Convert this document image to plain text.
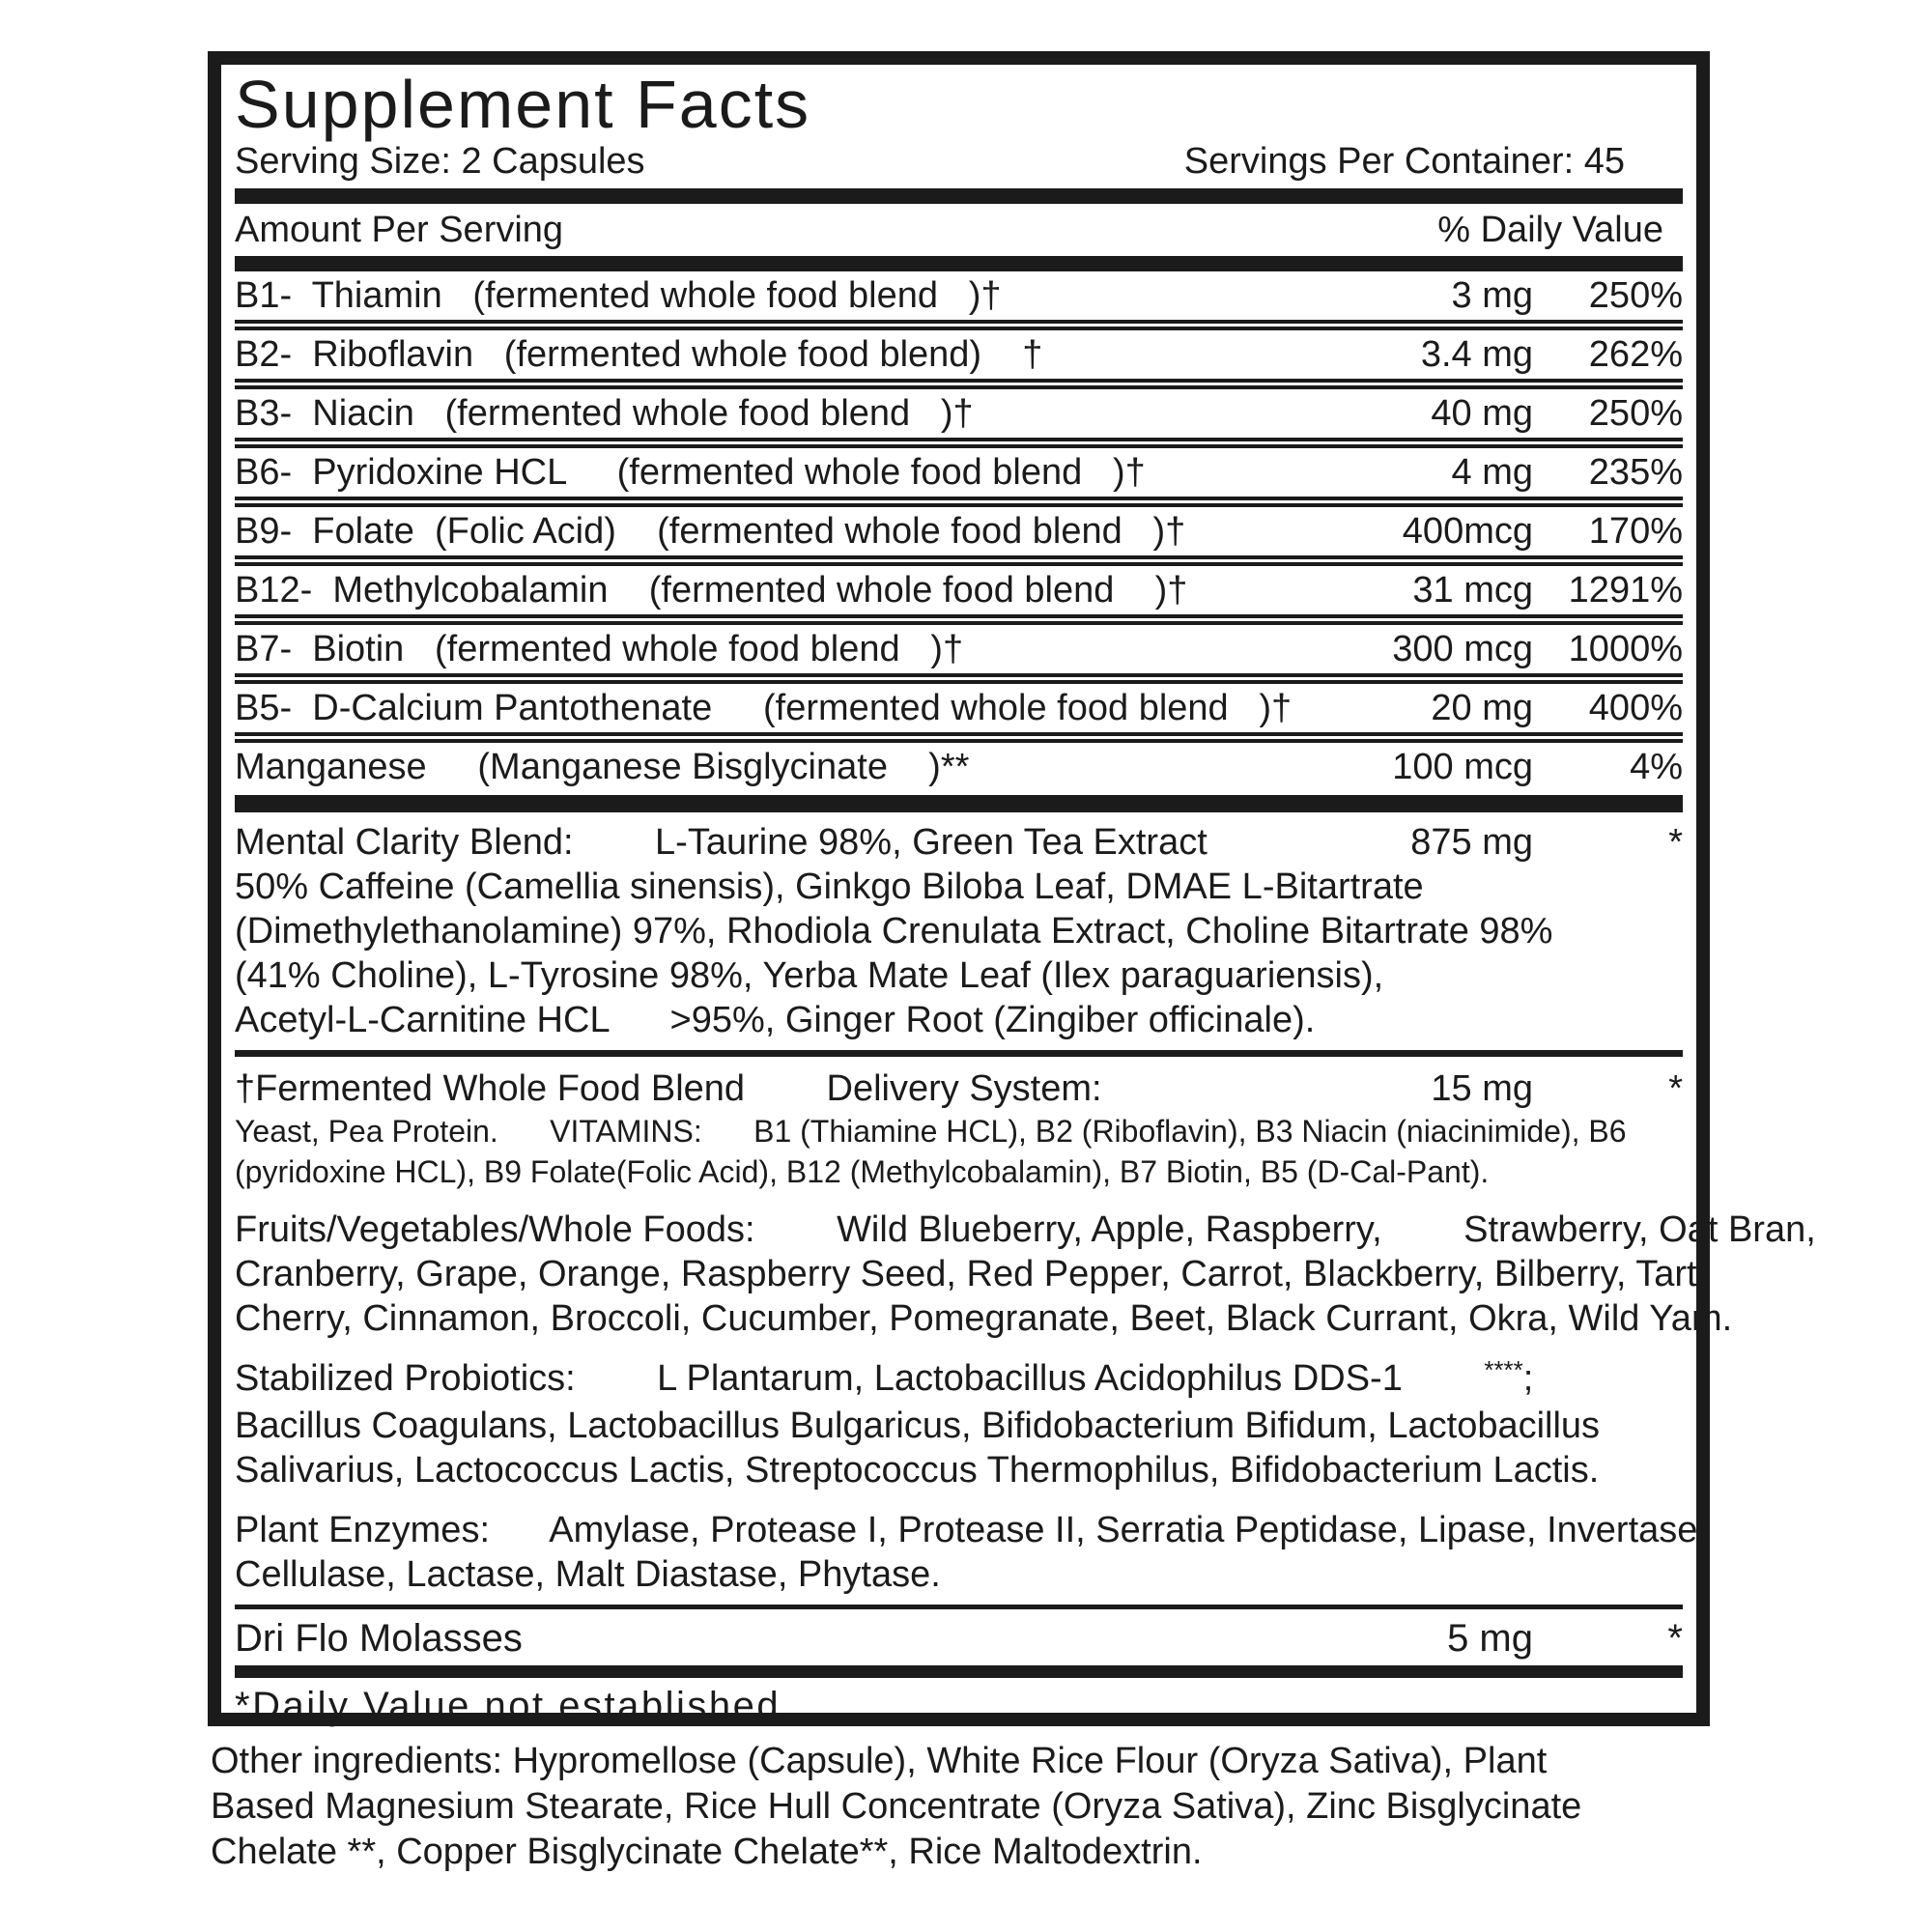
Supplement Facts
Serving Size: 2 Capsules	Servings Per Container: 45
Amount Per Serving	% Daily Value
B1-  Thiamin   (fermented whole food blend   )†	3 mg	250%
B2-  Riboflavin   (fermented whole food blend)    †	3.4 mg	262%
B3-  Niacin   (fermented whole food blend   )†	40 mg	250%
B6-  Pyridoxine HCL     (fermented whole food blend   )†	4 mg	235%
B9-  Folate  (Folic Acid)    (fermented whole food blend   )†	400mcg	170%
B12-  Methylcobalamin    (fermented whole food blend    )†	31 mcg 1291%
B7-  Biotin   (fermented whole food blend   )†	300 mcg 1000%
B5-  D-Calcium Pantothenate     (fermented whole food blend   )†	20 mg	400%
Manganese     (Manganese Bisglycinate    )**	100 mcg	4%
Mental Clarity Blend:        L-Taurine 98%, Green Tea Extract	875 mg	*
50% Caffeine (Camellia sinensis), Ginkgo Biloba Leaf, DMAE L-Bitartrate
(Dimethylethanolamine) 97%, Rhodiola Crenulata Extract, Choline Bitartrate 98%
(41% Choline), L-Tyrosine 98%, Yerba Mate Leaf (Ilex paraguariensis),
Acetyl-L-Carnitine HCL      >95%, Ginger Root (Zingiber officinale).
†Fermented Whole Food Blend        Delivery System:	15 mg	*
Yeast, Pea Protein.      VITAMINS:      B1 (Thiamine HCL), B2 (Riboflavin), B3 Niacin (niacinimide), B6
(pyridoxine HCL), B9 Folate(Folic Acid), B12 (Methylcobalamin), B7 Biotin, B5 (D-Cal-Pant).
Fruits/Vegetables/Whole Foods:        Wild Blueberry, Apple, Raspberry,        Strawberry, Oat Bran,
Cranberry, Grape, Orange, Raspberry Seed, Red Pepper, Carrot, Blackberry, Bilberry, Tart
Cherry, Cinnamon, Broccoli, Cucumber, Pomegranate, Beet, Black Currant, Okra, Wild Yam.
Stabilized Probiotics:        L Plantarum, Lactobacillus Acidophilus DDS-1        ****;
Bacillus Coagulans, Lactobacillus Bulgaricus, Bifidobacterium Bifidum, Lactobacillus
Salivarius, Lactococcus Lactis, Streptococcus Thermophilus, Bifidobacterium Lactis.
Plant Enzymes:      Amylase, Protease I, Protease II, Serratia Peptidase, Lipase, Invertase,
Cellulase, Lactase, Malt Diastase, Phytase.
Dri Flo Molasses	5 mg	*
*Daily Value not established.
Other ingredients: Hypromellose (Capsule), White Rice Flour (Oryza Sativa), Plant
Based Magnesium Stearate, Rice Hull Concentrate (Oryza Sativa), Zinc Bisglycinate
Chelate **, Copper Bisglycinate Chelate**, Rice Maltodextrin.
